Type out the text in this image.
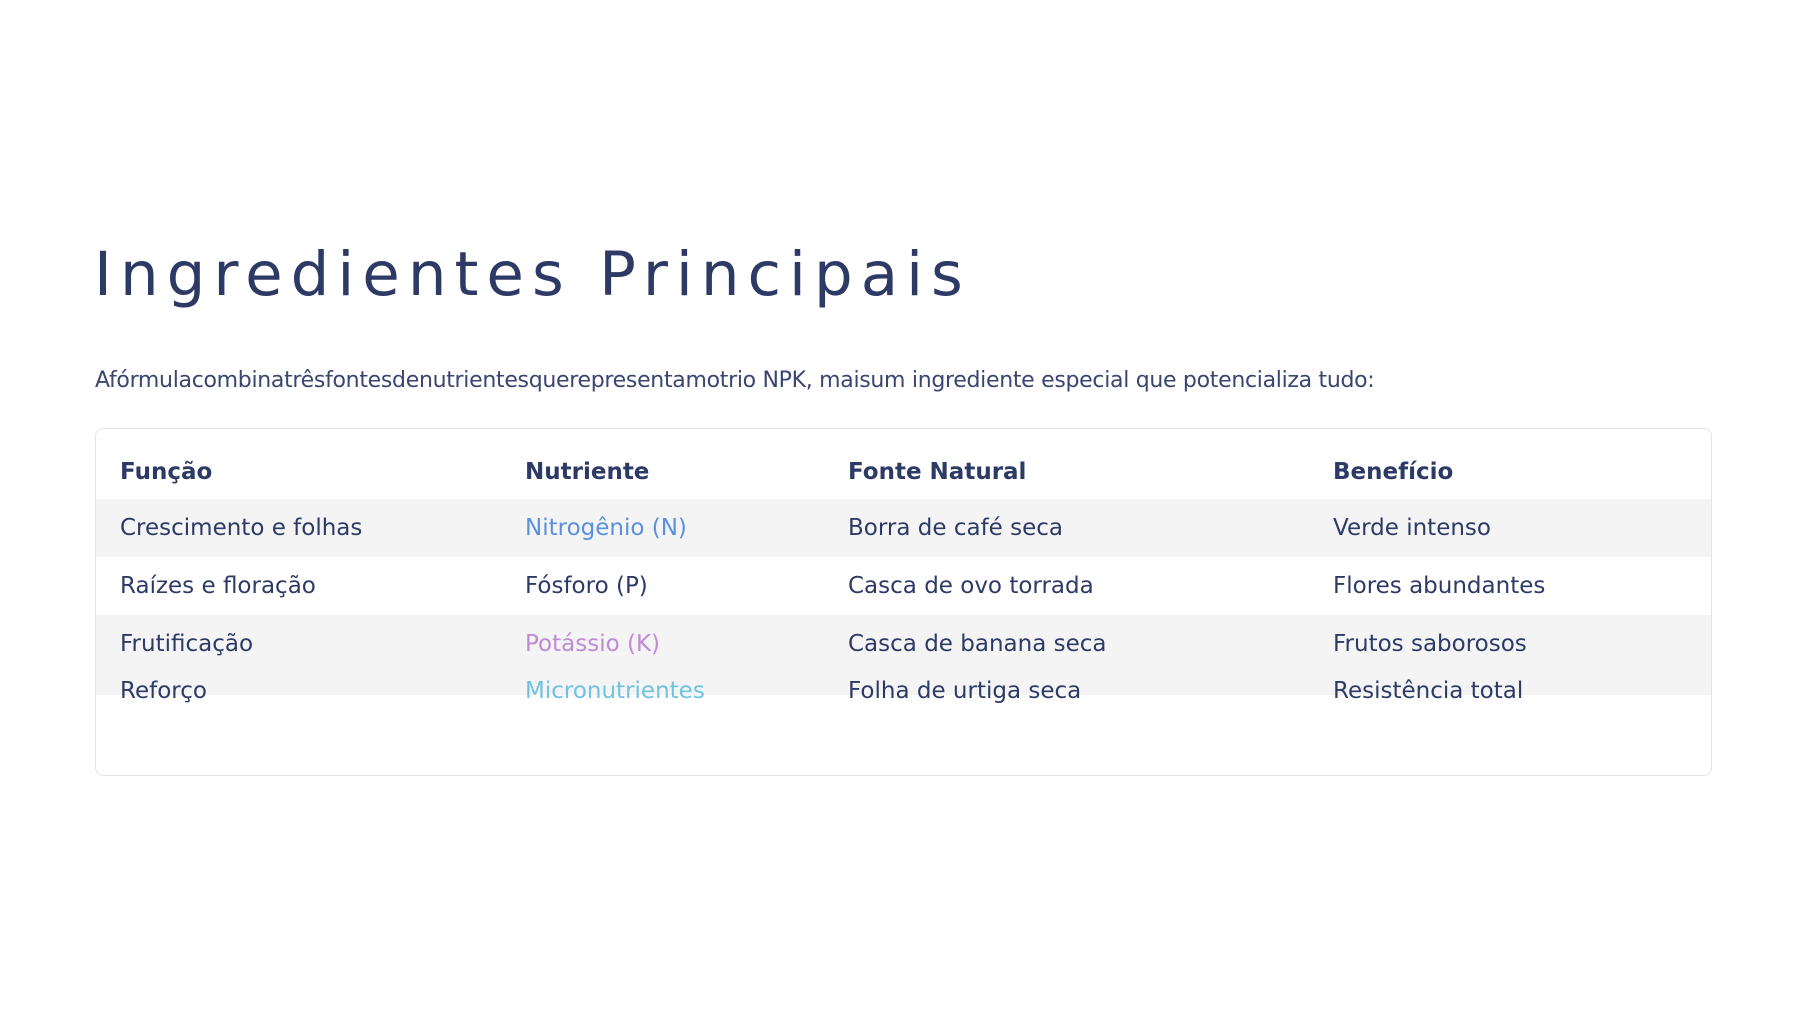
Ingredientes Principais

Afórmulacombinatrêsfontesdenutrientesquerepresentamotrio NPK, maisum ingrediente especial que potencializa tudo:

Função	Nutriente	Fonte Natural	Benefício
Crescimento e folhas	Nitrogênio (N)	Borra de café seca	Verde intenso
Raízes e floração	Fósforo (P)	Casca de ovo torrada	Flores abundantes
Frutificação	Potássio (K)	Casca de banana seca	Frutos saborosos
Reforço	Micronutrientes	Folha de urtiga seca	Resistência total
